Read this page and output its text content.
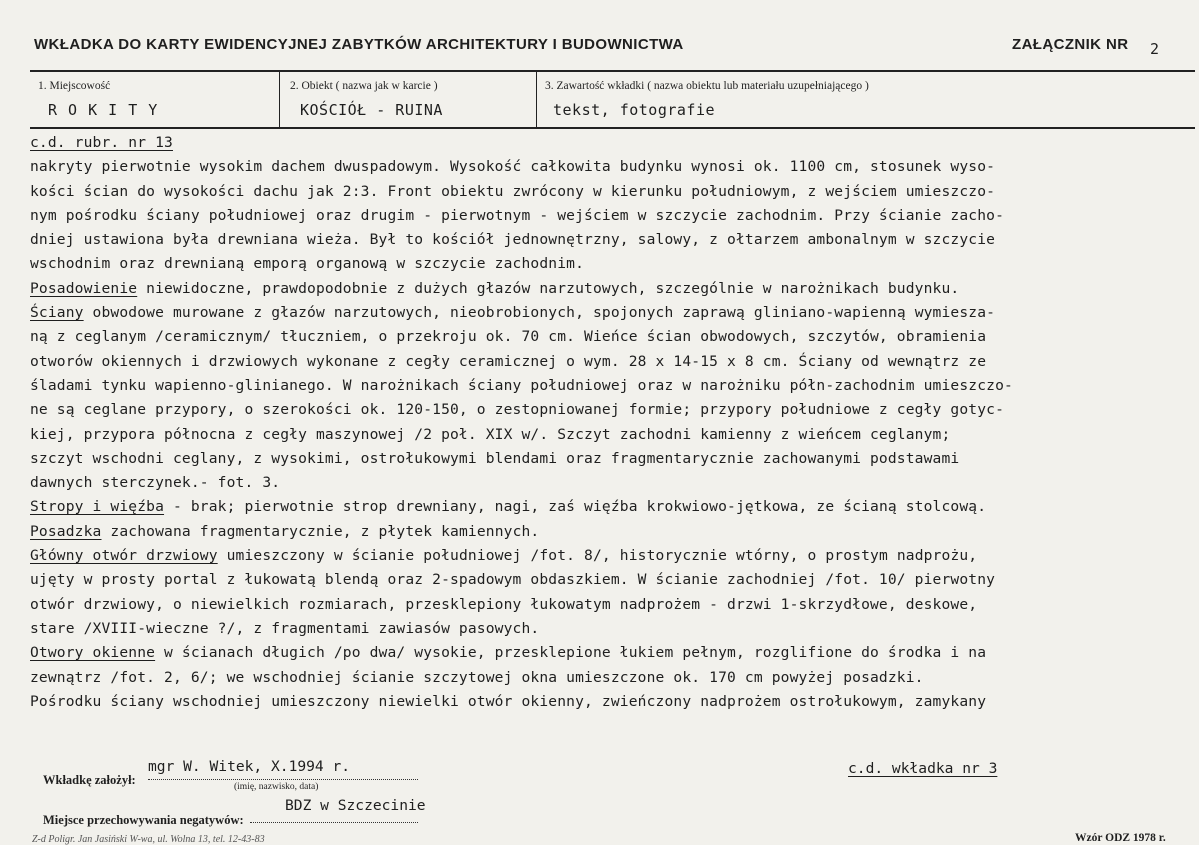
WKŁADKA DO KARTY EWIDENCYJNEJ ZABYTKÓW ARCHITEKTURY I BUDOWNICTWA	ZAŁĄCZNIK NR 2
1. Miejscowość
R O K I T Y
2. Obiekt ( nazwa jak w karcie )
KOŚCIÓŁ - RUINA
3. Zawartość wkładki ( nazwa obiektu lub materiału uzupełniającego )
tekst, fotografie
c.d. rubr. nr 13
nakryty pierwotnie wysokim dachem dwuspadowym. Wysokość całkowita budynku wynosi ok. 1100 cm, stosunek wyso-
kości ścian do wysokości dachu jak 2:3. Front obiektu zwrócony w kierunku południowym, z wejściem umieszczo-
nym pośrodku ściany południowej oraz drugim - pierwotnym - wejściem w szczycie zachodnim. Przy ścianie zacho-
dniej ustawiona była drewniana wieża. Był to kościół jednownętrzny, salowy, z ołtarzem ambonalnym w szczycie
wschodnim oraz drewnianą emporą organową w szczycie zachodnim.
Posadowienie niewidoczne, prawdopodobnie z dużych głazów narzutowych, szczególnie w narożnikach budynku.
Ściany obwodowe murowane z głazów narzutowych, nieobrobionych, spojonych zaprawą gliniano-wapienną wymiesza-
ną z ceglanym /ceramicznym/ tłuczniem, o przekroju ok. 70 cm. Wieńce ścian obwodowych, szczytów, obramienia
otworów okiennych i drzwiowych wykonane z cegły ceramicznej o wym. 28 x 14-15 x 8 cm. Ściany od wewnątrz ze
śladami tynku wapienno-glinianego. W narożnikach ściany południowej oraz w narożniku półn-zachodnim umieszczo-
ne są ceglane przypory, o szerokości ok. 120-150, o zestopniowanej formie; przypory południowe z cegły gotyc-
kiej, przypora północna z cegły maszynowej /2 poł. XIX w/. Szczyt zachodni kamienny z wieńcem ceglanym;
szczyt wschodni ceglany, z wysokimi, ostrołukowymi blendami oraz fragmentarycznie zachowanymi podstawami
dawnych sterczynek.- fot. 3.
Stropy i więźba - brak; pierwotnie strop drewniany, nagi, zaś więźba krokwiowo-jętkowa, ze ścianą stolcową.
Posadzka zachowana fragmentarycznie, z płytek kamiennych.
Główny otwór drzwiowy umieszczony w ścianie południowej /fot. 8/, historycznie wtórny, o prostym nadprożu,
ujęty w prosty portal z łukowatą blendą oraz 2-spadowym obdaszkiem. W ścianie zachodniej /fot. 10/ pierwotny
otwór drzwiowy, o niewielkich rozmiarach, przesklepiony łukowatym nadprożem - drzwi 1-skrzydłowe, deskowe,
stare /XVIII-wieczne ?/, z fragmentami zawiasów pasowych.
Otwory okienne w ścianach długich /po dwa/ wysokie, przesklepione łukiem pełnym, rozglifione do środka i na
zewnątrz /fot. 2, 6/; we wschodniej ścianie szczytowej okna umieszczone ok. 170 cm powyżej posadzki.
Pośrodku ściany wschodniej umieszczony niewielki otwór okienny, zwieńczony nadprożem ostrołukowym, zamykany
Wkładkę założył:
mgr W. Witek, X.1994 r.
(imię, nazwisko, data)
c.d. wkładka nr 3
Miejsce przechowywania negatywów:
BDZ w Szczecinie
Z-d Poligr. Jan Jasiński W-wa, ul. Wolna 13, tel. 12-43-83	Wzór ODZ 1978 r.
